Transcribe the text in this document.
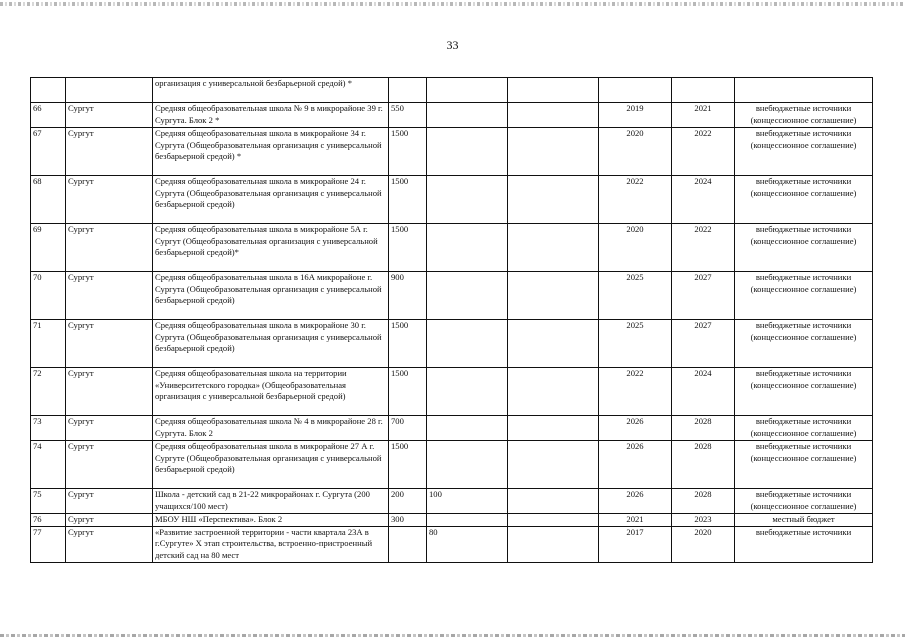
33
		организация с универсальной безбарьерной средой) *						
66	Сургут	Средняя общеобразовательная школа № 9 в микрорайоне 39 г. Сургута. Блок 2 *	550			2019	2021	внебюджетные источники (концессионное соглашение)
67	Сургут	Средняя общеобразовательная школа в микрорайоне 34 г. Сургута (Общеобразовательная организация с универсальной безбарьерной средой) *	1500			2020	2022	внебюджетные источники (концессионное соглашение)
68	Сургут	Средняя общеобразовательная школа в микрорайоне 24 г. Сургута (Общеобразовательная организация с универсальной безбарьерной средой)	1500			2022	2024	внебюджетные источники (концессионное соглашение)
69	Сургут	Средняя общеобразовательная школа в микрорайоне 5А г. Сургут (Общеобразовательная организация с универсальной безбарьерной средой)*	1500			2020	2022	внебюджетные источники (концессионное соглашение)
70	Сургут	Средняя общеобразовательная школа в 16А микрорайоне г. Сургута (Общеобразовательная организация с универсальной безбарьерной средой)	900			2025	2027	внебюджетные источники (концессионное соглашение)
71	Сургут	Средняя общеобразовательная школа в микрорайоне 30 г. Сургута (Общеобразовательная организация с универсальной безбарьерной средой)	1500			2025	2027	внебюджетные источники (концессионное соглашение)
72	Сургут	Средняя общеобразовательная школа на территории «Университетского городка» (Общеобразовательная организация с универсальной безбарьерной средой)	1500			2022	2024	внебюджетные источники (концессионное соглашение)
73	Сургут	Средняя общеобразовательная школа № 4 в микрорайоне 28 г. Сургута. Блок 2	700			2026	2028	внебюджетные источники (концессионное соглашение)
74	Сургут	Средняя общеобразовательная школа в микрорайоне 27 А г. Сургуте (Общеобразовательная организация с универсальной безбарьерной средой)	1500			2026	2028	внебюджетные источники (концессионное соглашение)
75	Сургут	Школа - детский сад в 21-22 микрорайонах г. Сургута (200 учащихся/100 мест)	200	100		2026	2028	внебюджетные источники (концессионное соглашение)
76	Сургут	МБОУ НШ «Перспектива». Блок 2	300			2021	2023	местный бюджет
77	Сургут	«Развитие застроенной территории - части квартала 23А в г.Сургуте» Х этап строительства, встроенно-пристроенный детский сад на 80 мест		80		2017	2020	внебюджетные источники
